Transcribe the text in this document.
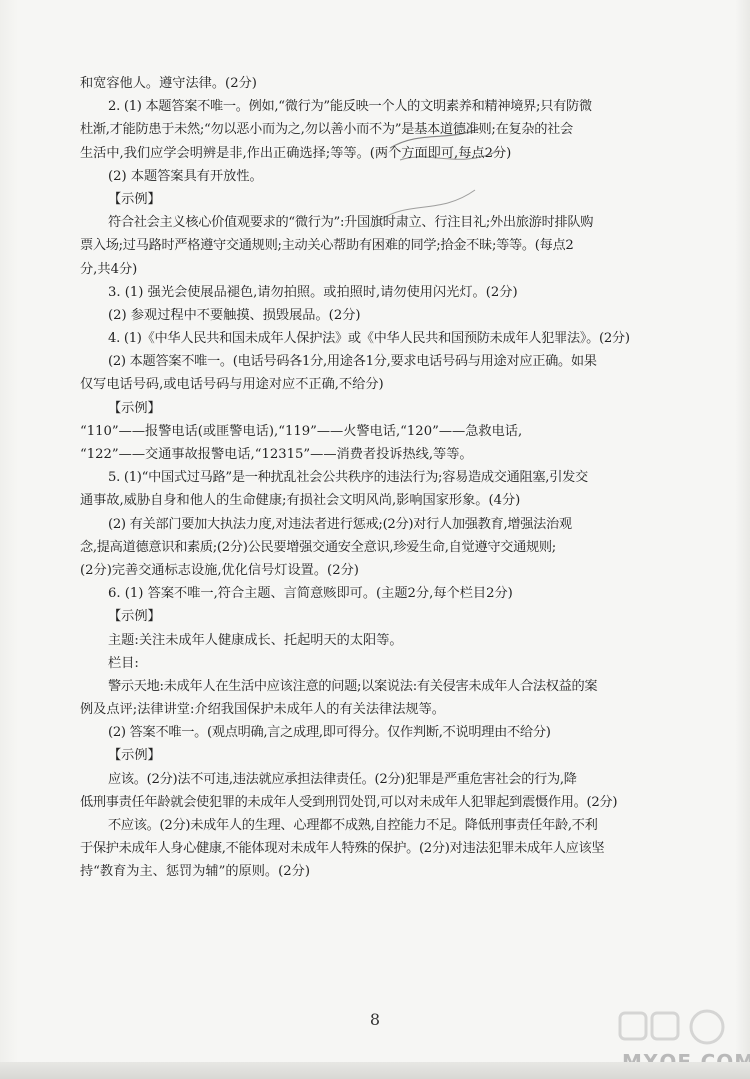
和宽容他人。遵守法律。(2分)
2. (1) 本题答案不唯一。例如,“微行为”能反映一个人的文明素养和精神境界;只有防微
杜渐,才能防患于未然;“勿以恶小而为之,勿以善小而不为”是基本道德准则;在复杂的社会
生活中,我们应学会明辨是非,作出正确选择;等等。(两个方面即可,每点2分)
(2) 本题答案具有开放性。
【示例】
符合社会主义核心价值观要求的“微行为”:升国旗时肃立、行注目礼;外出旅游时排队购
票入场;过马路时严格遵守交通规则;主动关心帮助有困难的同学;拾金不昧;等等。(每点2
分,共4分)
3. (1) 强光会使展品褪色,请勿拍照。或拍照时,请勿使用闪光灯。(2分)
(2) 参观过程中不要触摸、损毁展品。(2分)
4. (1)《中华人民共和国未成年人保护法》或《中华人民共和国预防未成年人犯罪法》。(2分)
(2) 本题答案不唯一。(电话号码各1分,用途各1分,要求电话号码与用途对应正确。如果
仅写电话号码,或电话号码与用途对应不正确,不给分)
【示例】
“110”——报警电话(或匪警电话),“119”——火警电话,“120”——急救电话,
“122”——交通事故报警电话,“12315”——消费者投诉热线,等等。
5. (1)“中国式过马路”是一种扰乱社会公共秩序的违法行为;容易造成交通阻塞,引发交
通事故,威胁自身和他人的生命健康;有损社会文明风尚,影响国家形象。(4分)
(2) 有关部门要加大执法力度,对违法者进行惩戒;(2分)对行人加强教育,增强法治观
念,提高道德意识和素质;(2分)公民要增强交通安全意识,珍爱生命,自觉遵守交通规则;
(2分)完善交通标志设施,优化信号灯设置。(2分)
6. (1) 答案不唯一,符合主题、言简意赅即可。(主题2分,每个栏目2分)
【示例】
主题:关注未成年人健康成长、托起明天的太阳等。
栏目:
警示天地:未成年人在生活中应该注意的问题;以案说法:有关侵害未成年人合法权益的案
例及点评;法律讲堂:介绍我国保护未成年人的有关法律法规等。
(2) 答案不唯一。(观点明确,言之成理,即可得分。仅作判断,不说明理由不给分)
【示例】
应该。(2分)法不可违,违法就应承担法律责任。(2分)犯罪是严重危害社会的行为,降
低刑事责任年龄就会使犯罪的未成年人受到刑罚处罚,可以对未成年人犯罪起到震慑作用。(2分)
不应该。(2分)未成年人的生理、心理都不成熟,自控能力不足。降低刑事责任年龄,不利
于保护未成年人身心健康,不能体现对未成年人特殊的保护。(2分)对违法犯罪未成年人应该坚
持“教育为主、惩罚为辅”的原则。(2分)
8
